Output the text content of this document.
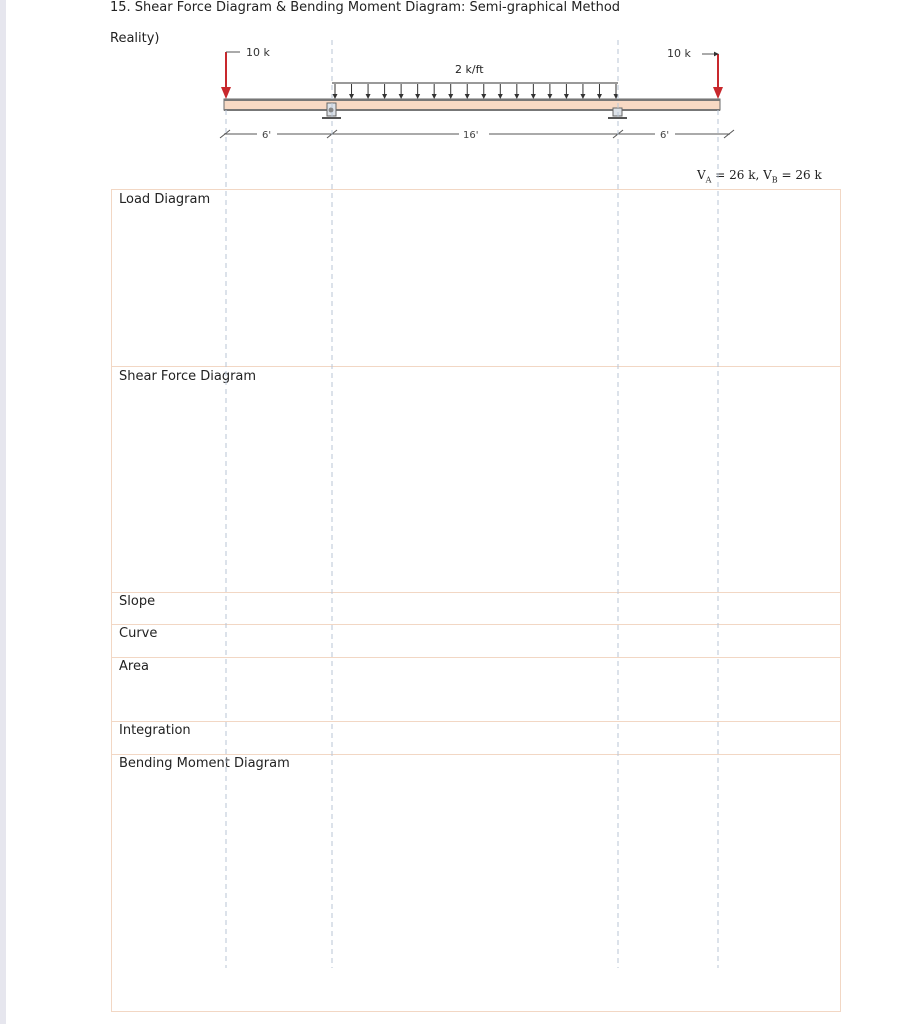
15. Shear Force Diagram & Bending Moment Diagram: Semi-graphical Method
Reality)
10 k	10 k
2 k/ft
6'	16'	6'
$V_A = 26$ k, $V_B = 26$ k
Load Diagram
Shear Force Diagram
Slope
Curve
Area
Integration
Bending Moment Diagram
